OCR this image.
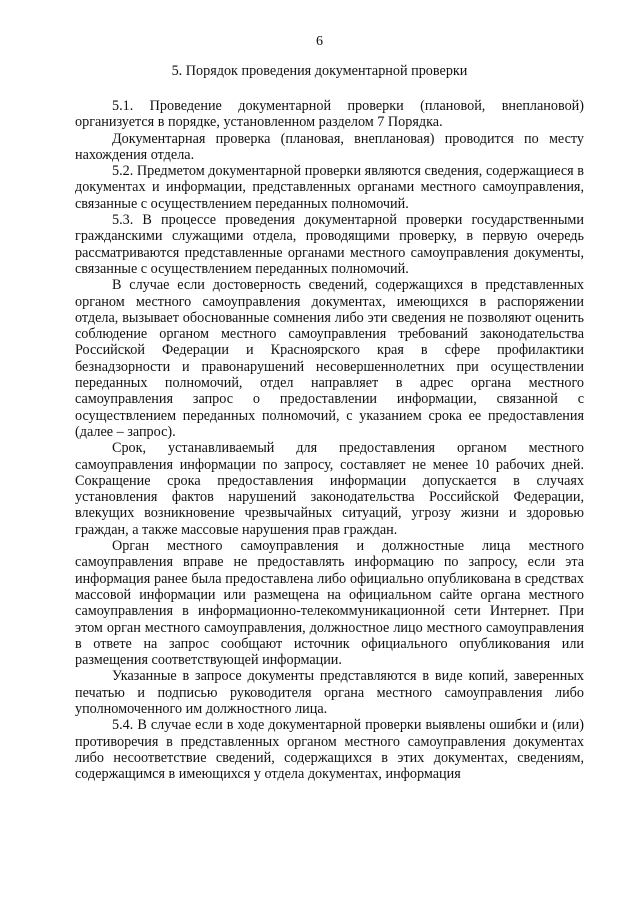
6
5. Порядок проведения документарной проверки

5.1. Проведение документарной проверки (плановой, внеплановой) организуется в порядке, установленном разделом 7 Порядка.

Документарная проверка (плановая, внеплановая) проводится по месту нахождения отдела.

5.2. Предметом документарной проверки являются сведения, содержащиеся в документах и информации, представленных органами местного самоуправления, связанные с осуществлением переданных полномочий.

5.3. В процессе проведения документарной проверки государственными гражданскими служащими отдела, проводящими проверку, в первую очередь рассматриваются представленные органами местного самоуправления документы, связанные с осуществлением переданных полномочий.

В случае если достоверность сведений, содержащихся в представленных органом местного самоуправления документах, имеющихся в распоряжении отдела, вызывает обоснованные сомнения либо эти сведения не позволяют оценить соблюдение органом местного самоуправления требований законодательства Российской Федерации и Красноярского края в сфере профилактики безнадзорности и правонарушений несовершеннолетних при осуществлении переданных полномочий, отдел направляет в адрес органа местного самоуправления запрос о предоставлении информации, связанной с осуществлением переданных полномочий, с указанием срока ее предоставления (далее – запрос).

Срок, устанавливаемый для предоставления органом местного самоуправления информации по запросу, составляет не менее 10 рабочих дней. Сокращение срока предоставления информации допускается в случаях установления фактов нарушений законодательства Российской Федерации, влекущих возникновение чрезвычайных ситуаций, угрозу жизни и здоровью граждан, а также массовые нарушения прав граждан.

Орган местного самоуправления и должностные лица местного самоуправления вправе не предоставлять информацию по запросу, если эта информация ранее была предоставлена либо официально опубликована в средствах массовой информации или размещена на официальном сайте органа местного самоуправления в информационно-телекоммуникационной сети Интернет. При этом орган местного самоуправления, должностное лицо местного самоуправления в ответе на запрос сообщают источник официального опубликования или размещения соответствующей информации.

Указанные в запросе документы представляются в виде копий, заверенных печатью и подписью руководителя органа местного самоуправления либо уполномоченного им должностного лица.

5.4. В случае если в ходе документарной проверки выявлены ошибки и (или) противоречия в представленных органом местного самоуправления документах либо несоответствие сведений, содержащихся в этих документах, сведениям, содержащимся в имеющихся у отдела документах, информация
